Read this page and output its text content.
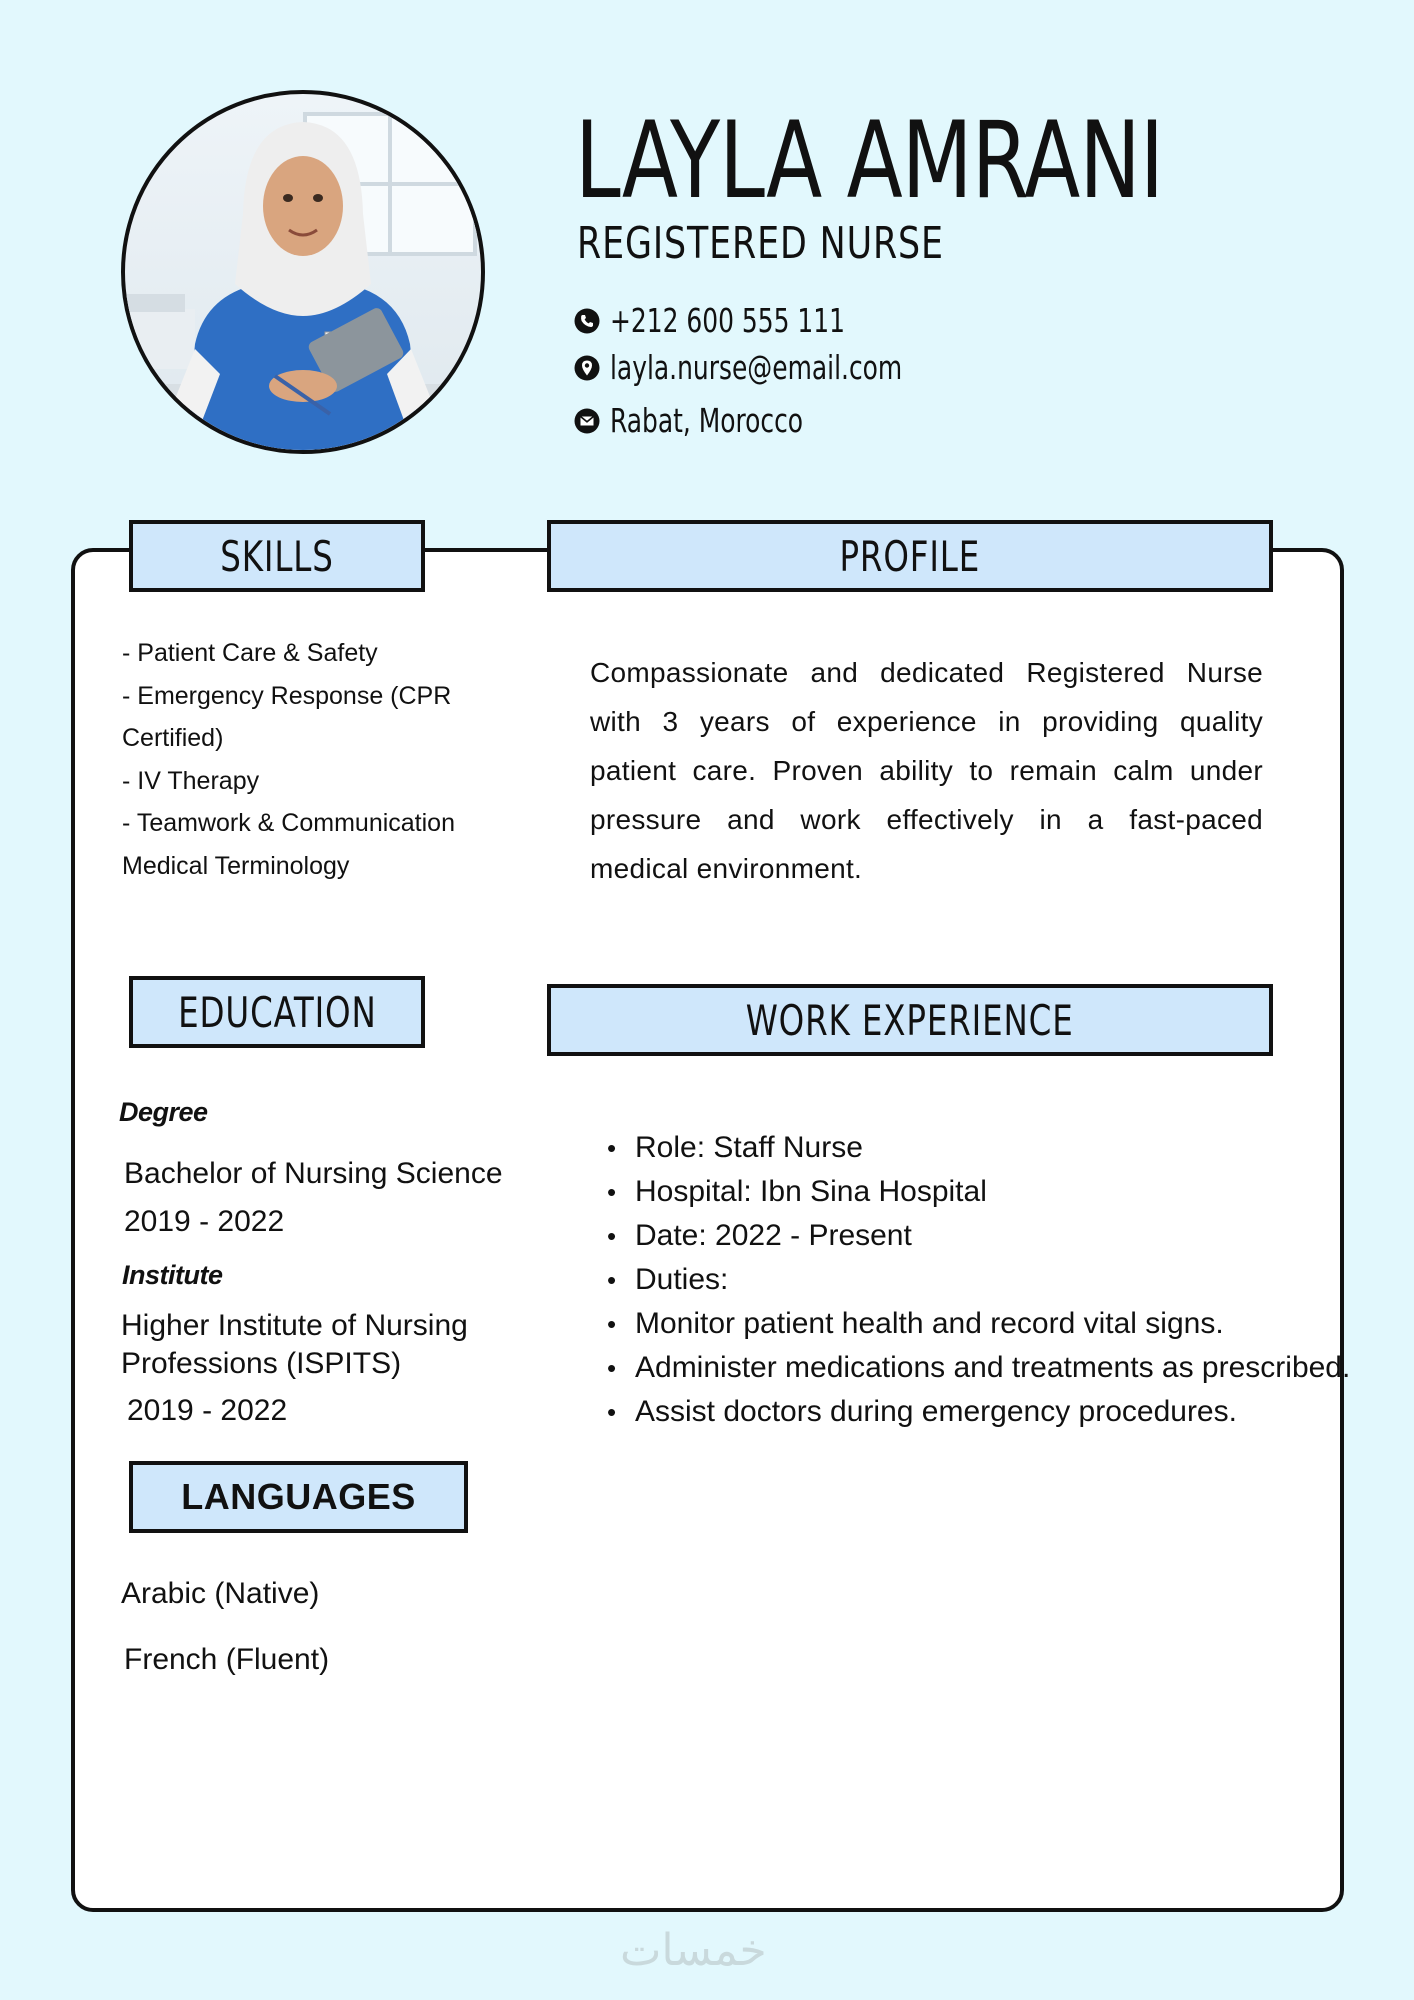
LAYLA AMRANI
REGISTERED NURSE
+212 600 555 111
layla.nurse@email.com
Rabat, Morocco
SKILLS	PROFILE
EDUCATION	WORK EXPERIENCE
LANGUAGES
- Patient Care & Safety
- Emergency Response (CPR Certified)
- IV Therapy
- Teamwork & Communication
Medical Terminology

Compassionate and dedicated Registered Nurse with 3 years of experience in providing quality patient care. Proven ability to remain calm under pressure and work effectively in a fast-paced medical environment.

Degree
Bachelor of Nursing Science
2019 - 2022
Institute
Higher Institute of Nursing
Professions (ISPITS)
2019 - 2022
• Role: Staff Nurse
• Hospital: Ibn Sina Hospital
• Date: 2022 - Present
• Duties:
• Monitor patient health and record vital signs.
• Administer medications and treatments as prescribed.
• Assist doctors during emergency procedures.
Arabic (Native)
French (Fluent)
خمسات
